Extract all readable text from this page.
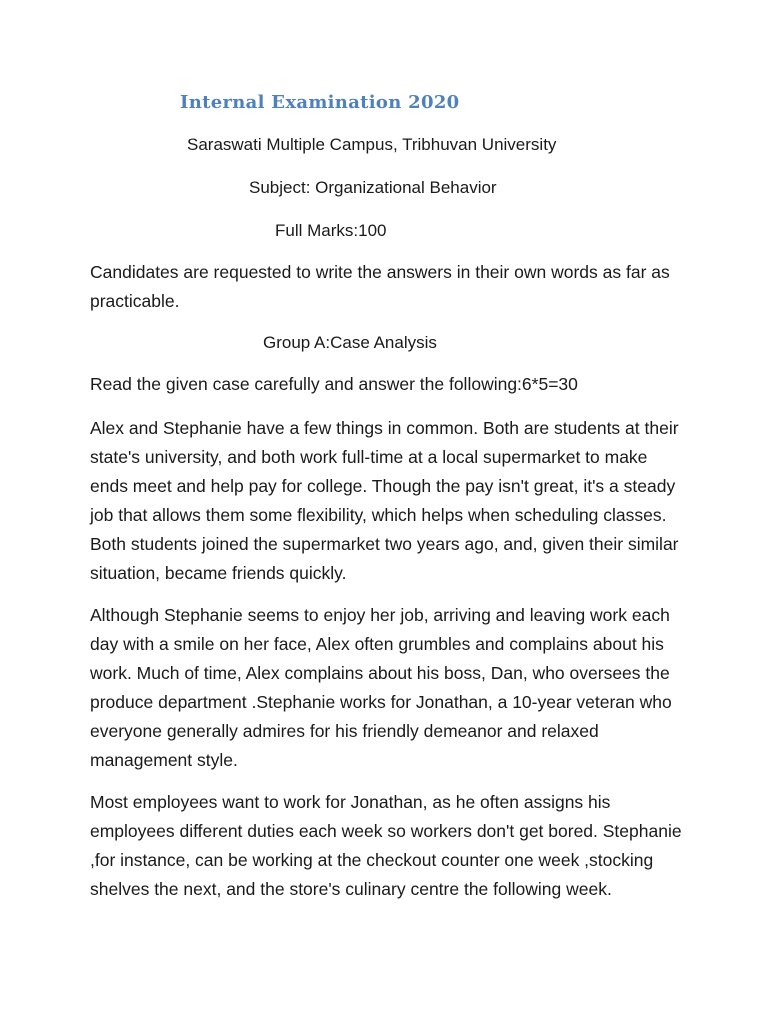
Internal Examination 2020
Saraswati Multiple Campus, Tribhuvan University
Subject: Organizational Behavior
Full Marks:100

Candidates are requested to write the answers in their own words as far as practicable.

Group A:Case Analysis

Read the given case carefully and answer the following:6*5=30

Alex and Stephanie have a few things in common. Both are students at their state's university, and both work full-time at a local supermarket to make ends meet and help pay for college. Though the pay isn't great, it's a steady job that allows them some flexibility, which helps when scheduling classes. Both students joined the supermarket two years ago, and, given their similar situation, became friends quickly.

Although Stephanie seems to enjoy her job, arriving and leaving work each day with a smile on her face, Alex often grumbles and complains about his work. Much of time, Alex complains about his boss, Dan, who oversees the produce department .Stephanie works for Jonathan, a 10-year veteran who everyone generally admires for his friendly demeanor and relaxed management style.

Most employees want to work for Jonathan, as he often assigns his employees different duties each week so workers don't get bored. Stephanie ,for instance, can be working at the checkout counter one week ,stocking shelves the next, and the store's culinary centre the following week.
